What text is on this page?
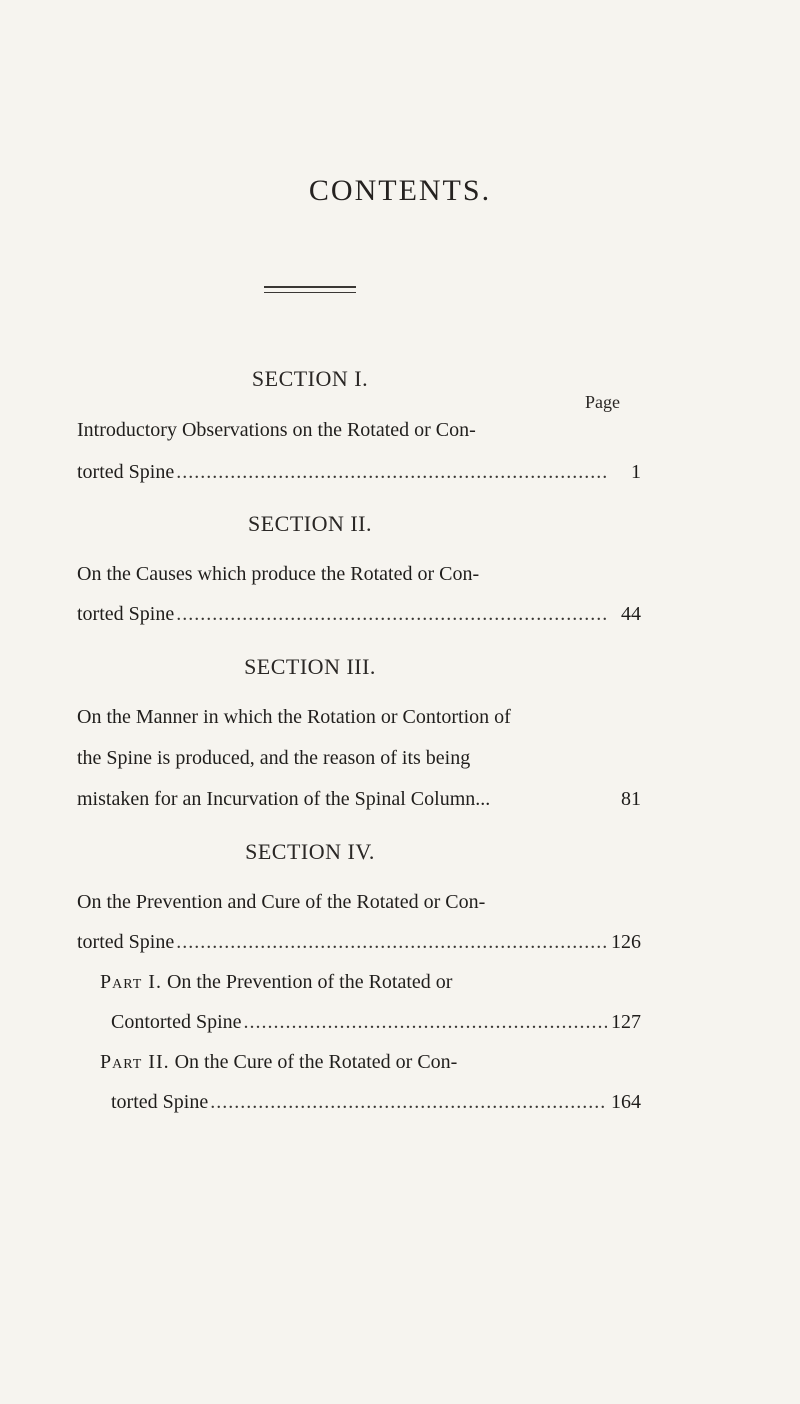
CONTENTS.
Page
SECTION I.
Introductory Observations on the Rotated or Con-
torted Spine .....	1
SECTION II.
On the Causes which produce the Rotated or Con-
torted Spine .....	44
SECTION III.
On the Manner in which the Rotation or Contortion of
the Spine is produced, and the reason of its being
mistaken for an Incurvation of the Spinal Column...	81
SECTION IV.
On the Prevention and Cure of the Rotated or Con-
torted Spine .....	126
Part I. On the Prevention of the Rotated or
Contorted Spine .....	127
Part II. On the Cure of the Rotated or Con-
torted Spine .....	164
